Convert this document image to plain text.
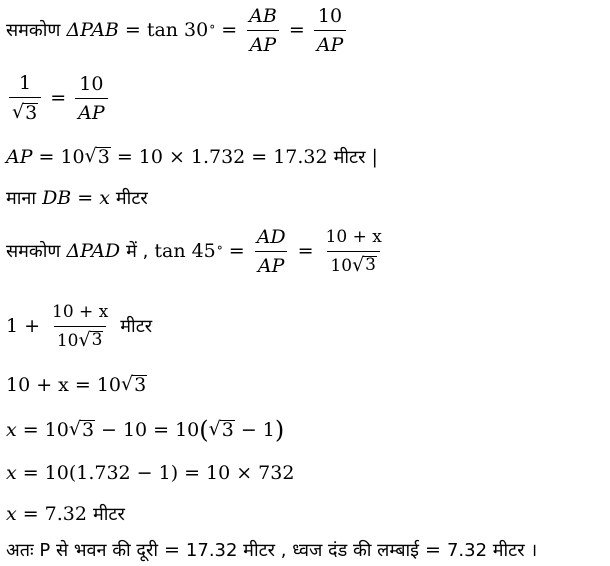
समकोण ΔPAB = tan 30 ° = $\frac{AB}{AP} = \frac{10}{AP}$
$\frac{1}{√ 3} = \frac{10}{AP}$
AP = 10 √ 3 = 10 × 1.732 = 17.32 मीटर |
माना DB = x मीटर
समकोण ΔPAD में , tan 45 ° = $\frac{AD}{AP} = \frac{10 + x}{10 √ 3}$
$1 + \frac{10 + x}{10 √ 3}$ मीटर
10 + x = 10 √ 3
x = 10 √ 3 − 10 = 10 ( √ 3 − 1 )
x = 10(1.732 − 1) = 10 × 732
x = 7.32 मीटर
अतः P से भवन की दूरी = 17.32 मीटर , ध्वज दंड की लम्बाई = 7.32 मीटर ।
